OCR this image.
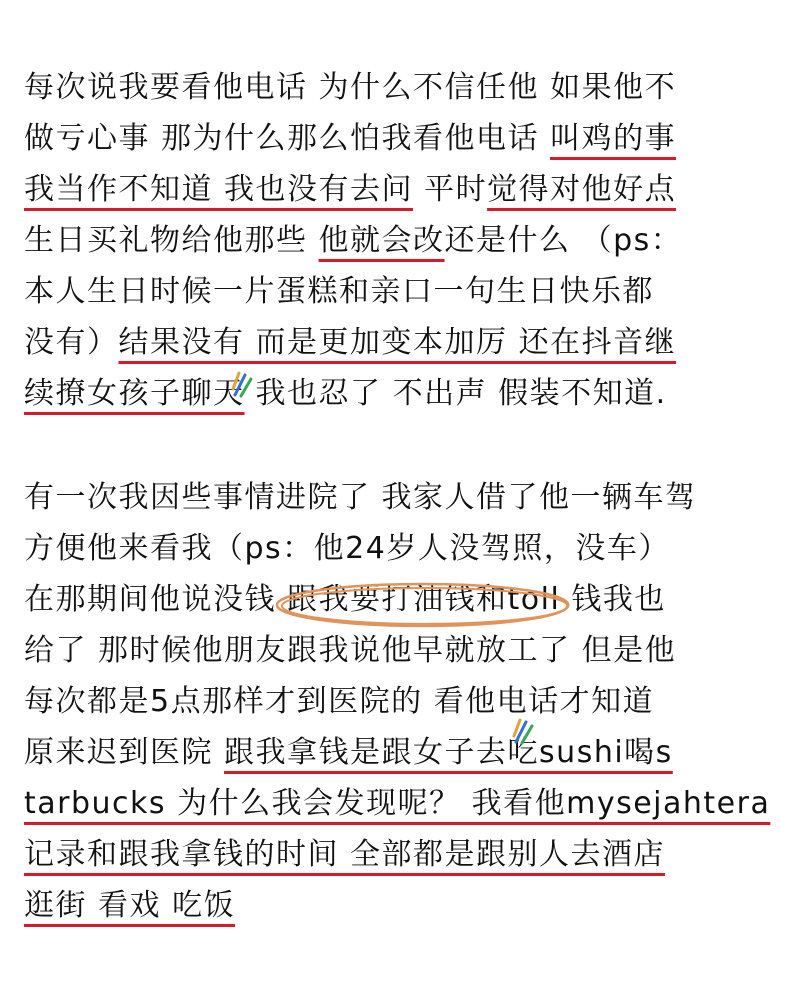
每次说我要看他电话 为什么不信任他 如果他不
做亏心事 那为什么那么怕我看他电话 叫鸡的事
我当作不知道 我也没有去问 平时觉得对他好点
生日买礼物给他那些 他就会改还是什么 （ps：
本人生日时候一片蛋糕和亲口一句生日快乐都
没有）结果没有 而是更加变本加厉 还在抖音继
续撩女孩子聊天
我也忍了 不出声 假装不知道.
有一次我因些事情进院了 我家人借了他一辆车驾
方便他来看我（ps：他24岁人没驾照，没车）
在那期间他说没钱
跟我要打油钱和toll 钱我也
给了 那时候他朋友跟我说他早就放工了 但是他
每次都是5点那样才到医院的 看他电话才知道
原来迟到医院 跟我拿钱是跟女子去吃sushi喝s
tarbucks 为什么我会发现呢？ 我看他mysejahtera
记录和跟我拿钱的时间 全部都是跟别人去酒店
逛街 看戏 吃饭
